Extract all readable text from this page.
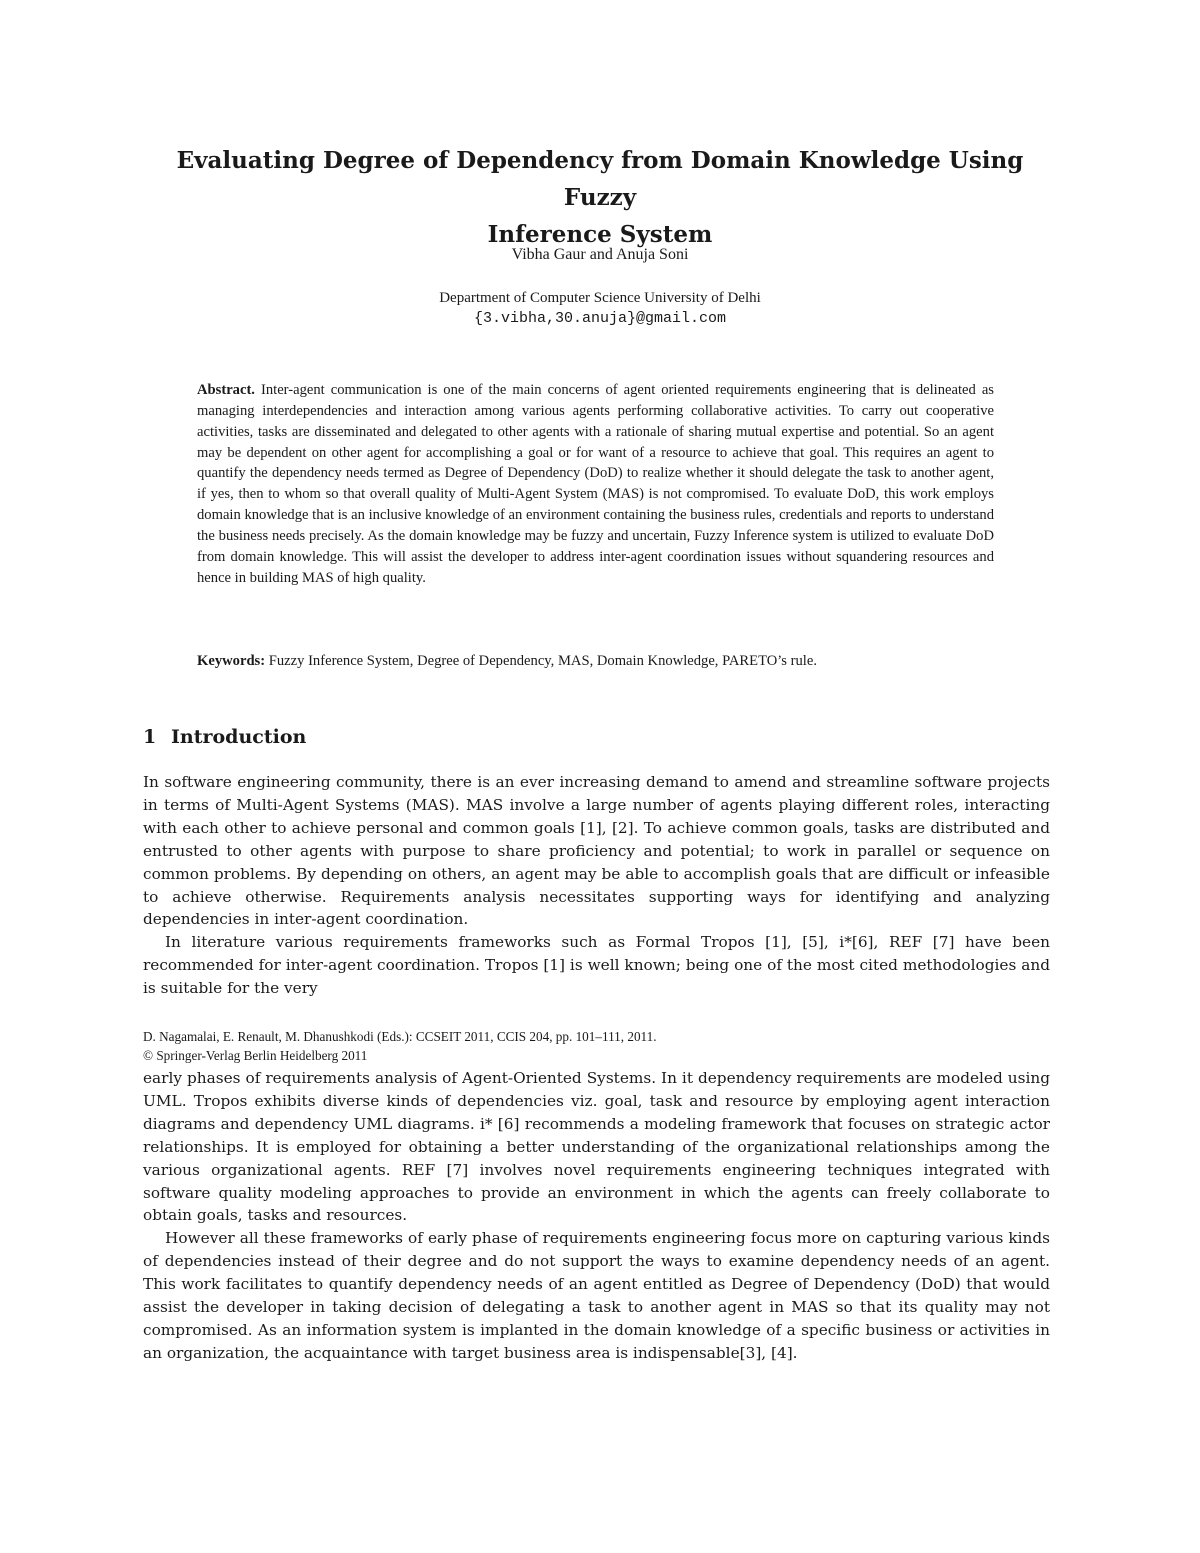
Evaluating Degree of Dependency from Domain Knowledge Using Fuzzy
Inference System

Vibha Gaur and Anuja Soni

Department of Computer Science University of Delhi

{3.vibha,30.anuja}@gmail.com

Abstract. Inter-agent communication is one of the main concerns of agent oriented requirements engineering that is delineated as managing interdependencies and interaction among various agents performing collaborative activities. To carry out cooperative activities, tasks are disseminated and delegated to other agents with a rationale of sharing mutual expertise and potential. So an agent may be dependent on other agent for accomplishing a goal or for want of a resource to achieve that goal. This requires an agent to quantify the dependency needs termed as Degree of Dependency (DoD) to realize whether it should delegate the task to another agent, if yes, then to whom so that overall quality of Multi-Agent System (MAS) is not compromised. To evaluate DoD, this work employs domain knowledge that is an inclusive knowledge of an environment containing the business rules, credentials and reports to understand the business needs precisely. As the domain knowledge may be fuzzy and uncertain, Fuzzy Inference system is utilized to evaluate DoD from domain knowledge. This will assist the developer to address inter-agent coordination issues without squandering resources and hence in building MAS of high quality.

Keywords: Fuzzy Inference System, Degree of Dependency, MAS, Domain Knowledge, PARETO’s rule.

1 Introduction

In software engineering community, there is an ever increasing demand to amend and streamline software projects in terms of Multi-Agent Systems (MAS). MAS involve a large number of agents playing different roles, interacting with each other to achieve personal and common goals [1], [2]. To achieve common goals, tasks are distributed and entrusted to other agents with purpose to share proficiency and potential; to work in parallel or sequence on common problems. By depending on others, an agent may be able to accomplish goals that are difficult or infeasible to achieve otherwise. Requirements analysis necessitates supporting ways for identifying and analyzing dependencies in inter-agent coordination.

In literature various requirements frameworks such as Formal Tropos [1], [5], i*[6], REF [7] have been recommended for inter-agent coordination. Tropos [1] is well known; being one of the most cited methodologies and is suitable for the very

D. Nagamalai, E. Renault, M. Dhanushkodi (Eds.): CCSEIT 2011, CCIS 204, pp. 101–111, 2011.
© Springer-Verlag Berlin Heidelberg 2011

early phases of requirements analysis of Agent-Oriented Systems. In it dependency requirements are modeled using UML. Tropos exhibits diverse kinds of dependencies viz. goal, task and resource by employing agent interaction diagrams and dependency UML diagrams. i* [6] recommends a modeling framework that focuses on strategic actor relationships. It is employed for obtaining a better understanding of the organizational relationships among the various organizational agents. REF [7] involves novel requirements engineering techniques integrated with software quality modeling approaches to provide an environment in which the agents can freely collaborate to obtain goals, tasks and resources.

However all these frameworks of early phase of requirements engineering focus more on capturing various kinds of dependencies instead of their degree and do not support the ways to examine dependency needs of an agent. This work facilitates to quantify dependency needs of an agent entitled as Degree of Dependency (DoD) that would assist the developer in taking decision of delegating a task to another agent in MAS so that its quality may not compromised. As an information system is implanted in the domain knowledge of a specific business or activities in an organization, the acquaintance with target business area is indispensable[3], [4].
